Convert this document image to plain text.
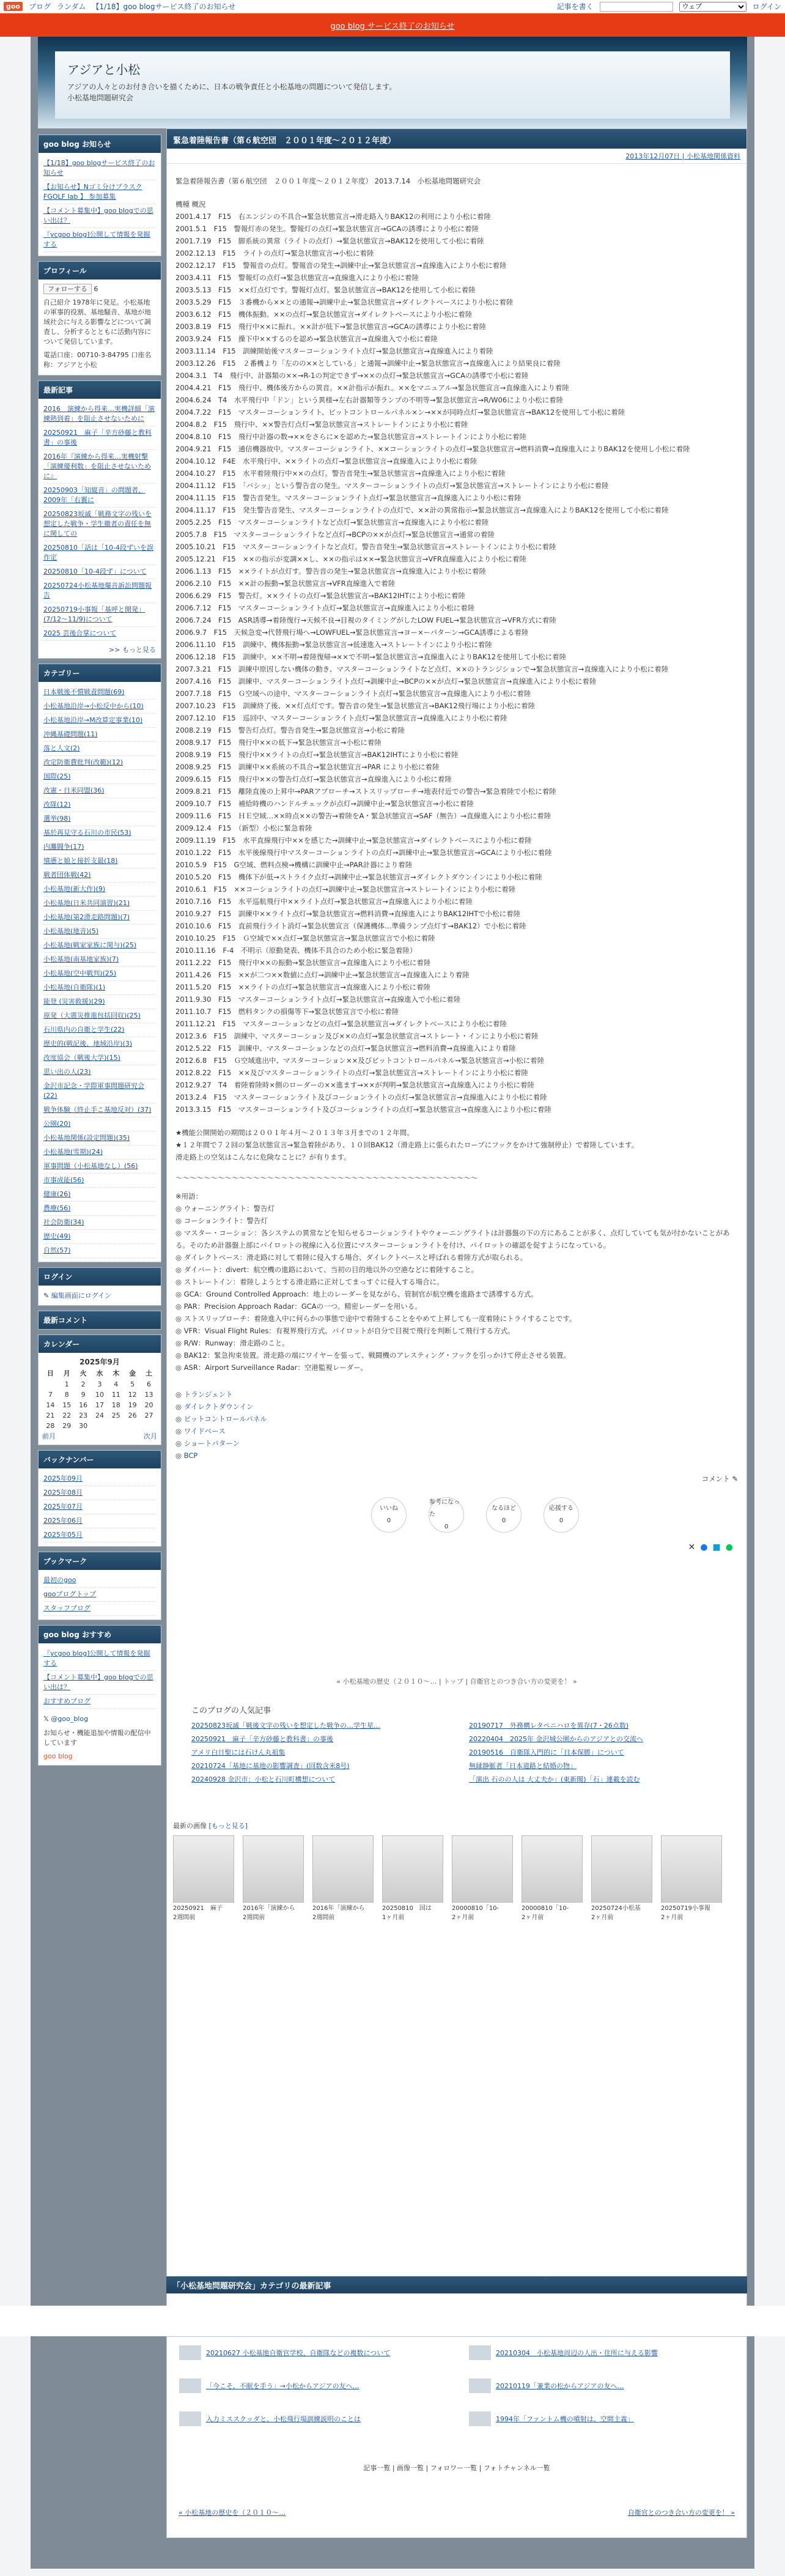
goo	ブログ ランダム 【1/18】goo blogサービス終了のお知らせ	記事を書く
ウェブ	ログイン
goo blog サービス終了のお知らせ
アジアと小松

アジアの人々とのお付き合いを描くために、日本の戦争責任と小松基地の問題について発信します。

小松基地問題研究会

goo blog お知らせ
【1/18】goo blogサービス終了のお知らせ
【お知らせ】Nゴミ分けプラスクFGOLF Iab 】 参加募集
【コメント募集中】goo blogでの思い出は？
『ycgoo blog]公開して情報を発掘する
プロフィール
フォローする 6

自己紹介 1978年に発足。小松基地の軍事的役割、基地騒音、基地が地域社会に与える影響などについて調査し、分析するとともに活動内容について発信しています。

電話口座：00710-3-84795 口座名称：アジアと小松

最新記事
2016　演練から得来…実機詳細「演練熱到着」を阻止させないために
20250921　麻子「辛方砂藤と教科書」の事後
2016年『演練から得来…実機射撃「演練優利数」を阻止させないために』
20250903「知縦音」の問題者、2009年「右翼に
20250823坂滅「戦務文字の残いを想定した戦争・学生撤者の責任を無に関しての
20250810「話は「10-4段ずいを誤作定
20250810「10-4段ず」について
20250724小松基地爆音訴訟問題報告
20250719小事報「基呼と開発」(7/12～11/9)について
2025 芸後合掌について
>> もっと見る
カテゴリー
日本戦後不慣戦責問題(69)
小松基地沿岸→小松反中から(10)
小松基地沿岸→M改算定事業(10)
沖縄基礎問題(11)
落と人文(2)
改定防衛費批判(改範)(12)
国際(25)
改憲・日米同盟(36)
改隊(12)
選挙(98)
基於再見守る石川の市民(53)
内灘闘争(17)
憤懣と娘と接折支最(18)
戦者団体戦(42)
小松基地(新大作)(9)
小松基地(日米共同演習)(21)
小松基地(第2滑走路問題)(7)
小松基地(地音)(5)
小松基地(戦家家族に関与)(25)
小松基地(南基地家族)(7)
小松基地(空中戦判)(25)
小松基地(自衛隊)(1)
能登 (災害救援)(29)
原発（大震災推進包括回収)(25)
石川県内の自衛と学生(22)
歴史的(戦記後、地域沿岸)(3)
改度協会（戦後大学)(15)
思い出の人(23)
金沢市記念・学際軍事問題研究会(22)
戦争体験（終止手こ基地反対）(37)
公園(20)
小松基地関係(設定問題)(35)
小松基地(雪期)(24)
軍事問題（小松基地なし）(56)
市事成能(56)
健康(26)
農療(56)
社会防衛(34)
歴史(49)
自然(57)
ログイン
✎ 編集画面にログイン
最新コメント
カレンダー
2025年9月
日	月	火	水	木	金	土
	1	2	3	4	5	6
7	8	9	10	11	12	13
14	15	16	17	18	19	20
21	22	23	24	25	26	27
28	29	30				
前月	次月
バックナンバー
2025年09月
2025年08月
2025年07月
2025年06月
2025年05月
ブックマーク
最初のgoo
gooブログトップ
スタッフブログ
goo blog おすすめ
『ycgoo blog]公開して情報を発掘する
【コメント募集中】goo blogでの思い出は？
おすすめブログ
𝕏 @goo_blog
お知らせ・機能追加や情報の配信中しています
goo blog
緊急着陸報告書（第６航空団　２００１年度～２０１２年度）
2013年12月07日 | 小松基地関係資料

緊急着陸報告書（第６航空団　２００１年度～２０１２年度） 2013.7.14　小松基地問題研究会

機種 概況

2001.4.17　F15　右エンジンの不具合→緊急状態宣言→滑走路入りBAK12の利用により小松に着陸
2001.5.1　F15　警報灯赤の発生。警報灯の点灯→緊急状態宣言→GCAの誘導により小松に着陸
2001.7.19　F15　脚系統の異常（ライトの点灯）→緊急状態宣言→BAK12を使用して小松に着陸
2002.12.13　F15　ライトの点灯→緊急状態宣言→小松に着陸
2002.12.17　F15　警報音の点灯。警報音の発生→訓練中止→緊急状態宣言→直線進入により小松に着陸
2003.4.11　F15　警報灯の点灯→緊急状態宣言→直線進入により小松に着陸
2003.5.13　F15　××灯点灯です。警報灯点灯。緊急状態宣言→BAK12を使用して小松に着陸
2003.5.29　F15　３番機から××との通報→訓練中止→緊急状態宣言→ダイレクトベースにより小松に着陸
2003.6.12　F15　機体振動。××の点灯→緊急状態宣言→ダイレクトベースにより小松に着陸
2003.8.19　F15　飛行中××に振れ。××計が低下→緊急状態宣言→GCAの誘導により小松に着陸
2003.9.24　F15　操下中××するのを認め→緊急状態宣言→直線進入で小松に着陸
2003.11.14　F15　訓練開始後マスターコーションライト点灯→緊急状態宣言→直線進入により着陸
2003.12.26　F15　２番機より「左のの××としている」と通報→訓練中止→緊急状態宣言→直線進入により結果良に着陸
2004.3.1　T4　飛行中、計器類の××→R-1の判定できず→××の点灯→緊急状態宣言→GCAの誘導で小松に着陸
2004.4.21　F15　飛行中、機体後方からの異音。××計指示が振れ。××をマニュアル→緊急状態宣言→直線進入により着陸
2004.6.24　T4　水平飛行中「ドン」という異様→左右計器類等ランプの不明等→緊急状態宣言→R/W06により小松に着陸
2004.7.22　F15　マスターコーションライト、ビットコントロールパネル×ン→××が同時点灯→緊急状態宣言→BAK12を使用して小松に着陸
2004.8.2　F15　飛行中、××警告灯点灯→緊急状態宣言→ストレートインにより小松に着陸
2004.8.10　F15　飛行中計器の数→××をさらに×を認めた→緊急状態宣言→ストレートインにより小松に着陸
2004.9.21　F15　通信機器故中。マスターコーションライト、××コーションライトの点灯→緊急状態宣言→燃料消費→直線進入によりBAK12を使用し小松に着陸
2004.10.12　F4E　水平飛行中、××ライトの点灯→緊急状態宣言→直線進入により小松に着陸
2004.10.27　F15　水平着陸飛行中××の点灯。警告音発生→緊急状態宣言→直線進入により小松に着陸
2004.11.12　F15　「バシッ」という警告音の発生。マスターコーションライトの点灯→緊急状態宣言→ストレートインにより小松に着陸
2004.11.15　F15　警告音発生。マスターコーションライト点灯→緊急状態宣言→直線進入により小松に着陸
2004.11.17　F15　発生警告音発生、マスターコーションライトの点灯で、××計の異常指示→緊急状態宣言→直線進入によりBAK12を使用して小松に着陸
2005.2.25　F15　マスターコーションライトなど点灯→緊急状態宣言→直線進入により小松に着陸
2005.7.8　F15　マスターコーションライトなど点灯→BCPの××が点灯→緊急状態宣言→通常の着陸
2005.10.21　F15　マスターコーションライトなど点灯。警告音発生→緊急状態宣言→ストレートインにより小松に着陸
2005.12.21　F15　××の指示が変調××し、××の指示は××→緊急状態宣言→VFR直線進入により小松に着陸
2006.1.13　F15　××ライトが点灯す。警告音の発生→緊急状態宣言→直線進入により小松に着陸
2006.2.10　F15　××計の振動→緊急状態宣言→VFR直線進入で着陸
2006.6.29　F15　警告灯。××ライトの点灯→緊急状態宣言→BAK12IHTにより小松に着陸
2006.7.12　F15　マスターコーションライト点灯→緊急状態宣言→直線進入により小松に着陸
2006.7.24　F15　ASR誘導→着陸復行→天候不良→目視のタイミングがしたLOW FUEL→緊急状態宣言→VFR方式に着陸
2006.9.7　F15　天候急変→代替飛行場へ→LOWFUEL→緊急状態宣言→ヨー×ーパターン→GCA誘導による着陸
2006.11.10　F15　訓練中、機体振動→緊急状態宣言→低速進入→ストレートインにより小松に着陸
2006.12.18　F15　訓練中、××不明→着陸復帰→××で不明→緊急状態宣言→直線進入によりBAK12を使用して小松に着陸
2007.3.21　F15　訓練中原因しない機体の動き、マスターコーションライトなど点灯、××のトランジションで→緊急状態宣言→直線進入により小松に着陸
2007.4.16　F15　訓練中、マスターコーションライト点灯→訓練中止→BCPの××が点灯→緊急状態宣言→直線進入により小松に着陸
2007.7.18　F15　Ｇ空域への途中、マスターコーションライト点灯→緊急状態宣言→直線進入により小松に着陸
2007.10.23　F15　訓練終了後、××灯点灯です。警告音の発生→緊急状態宣言→BAK12飛行場により小松に着陸
2007.12.10　F15　巡回中、マスターコーションライト点灯→緊急状態宣言→直線進入により小松に着陸
2008.2.19　F15　警告灯点灯。警告音発生→緊急状態宣言→小松に着陸
2008.9.17　F15　飛行中××の低下→緊急状態宣言→小松に着陸
2008.9.19　F15　飛行中××ライトの点灯→緊急状態宣言→BAK12IHTにより小松に着陸
2008.9.25　F15　訓練中××系統の不具合→緊急状態宣言→PAR により小松に着陸
2009.6.15　F15　飛行中××の警告灯点灯→緊急状態宣言→直線進入により小松に着陸
2009.8.21　F15　離陸直後の上昇中→PARアプローチ→ストスリップローチ→地表付近での警告→緊急着陸で小松に着陸
2009.10.7　F15　補給時機のハンドルチェックが点灯→訓練中止→緊急状態宣言→小松に着陸
2009.11.6　F15　ＨＥ空域…××時点××の警告→着陸をA・緊急状態宣言→SAF（無告）→直線進入により小松に着陸
2009.12.4　F15　（新型）小松に緊急着陸
2009.11.19　F15　水平直線飛行中××を感じた→訓練中止→緊急状態宣言→ダイレクトベースにより小松に着陸
2010.1.22　F15　水平後線飛行中マスターコーションライトの点灯→訓練中止→緊急状態宣言→GCAにより小松に着陸
2010.5.9　F15　G空域、燃料点検→機構に訓練中止→PAR計器により着陸
2010.5.20　F15　機体下が低→ストライク点灯→訓練中止→緊急状態宣言→ダイレクトダウンインにより小松に着陸
2010.6.1　F15　××コーションライトの点灯→訓練中止→緊急状態宣言→ストレートインにより小松に着陸
2010.7.16　F15　水平巡航飛行中××ライト点灯→緊急状態宣言→直線進入により小松に着陸
2010.9.27　F15　訓練中××ライト点灯→緊急状態宣言→燃料消費→直線進入によりBAK12IHTで小松に着陸
2010.10.6　F15　直前飛行ライト消灯→緊急状態宣言（保護機体…準備ランプ点灯す→BAK12）で小松に着陸
2010.10.25　F15　Ｇ空域で××点灯→緊急状態宣言→緊急状態宣言で小松に着陸
2010.11.16　F-4　不明示（原動発表、機体不具合のため小松に緊急着陸）
2011.2.22　F15　飛行中××の振動→緊急状態宣言→直線進入により小松に着陸
2011.4.26　F15　××が二つ××数値に点灯→訓練中止→緊急状態宣言→直線進入により着陸
2011.5.20　F15　××ライトの点灯→緊急状態宣言→直線進入により小松に着陸
2011.9.30　F15　マスターコーションライト点灯→緊急状態宣言→直線進入で小松に着陸
2011.10.7　F15　燃料タンクの損傷等下→緊急状態宣言で小松に着陸
2011.12.21　F15　マスターコーションなどの点灯→緊急状態宣言→ダイレクトベースにより小松に着陸
2012.3.6　F15　訓練中、マスターコーション及び××の点灯→緊急状態宣言→ストレート・インにより小松に着陸
2012.5.22　F15　訓練中、マスターコーションなどの点灯→緊急状態宣言→燃料消費→直線進入により着陸
2012.6.8　F15　Ｇ空域進出中、マスターコーション××及びビットコントロールパネル→緊急状態宣言→小松に着陸
2012.8.22　F15　××及びマスターコーションライトの点灯→緊急状態宣言→ストレートインにより小松に着陸
2012.9.27　T4　着陸着陸時×側のローダーの××進ます→××が判明→緊急状態宣言→直線進入により小松に着陸
2013.2.4　F15　マスターコーションライト及びコーションライトの点灯→緊急状態宣言→直線進入により小松に着陸
2013.3.15　F15　マスターコーションライト及びコーションライトの点灯→緊急状態宣言→直線進入により小松に着陸

★機能公開開始の期間は２００１年４月～２０１３年３月までの１２年間。

★１２年間で７２回の緊急状態宣言→緊急着陸があり、１０回BAK12（滑走路上に張られたロープにフックをかけて強制停止）で着陸しています。

滑走路上の空気はこんなに危険なことに？が有ります。

～～～～～～～～～～～～～～～～～～～～～～～～～～～～～～～～～～～～～～～～～～～

※用語：

◎ ウォーニングライト：警告灯

◎ コーションライト：警告灯

◎ マスター・コーション：各システムの異常などを知らせるコーションライトやウォーニングライトは計器盤の下の方にあることが多く、点灯していても気が付かないことがある。そのため計器盤上部にパイロットの視線に入る位置にマスターコーションライトを付け、パイロットの確認を促すようになっている。

◎ ダイレクトベース：滑走路に対して着陸に侵入する場合、ダイレクトベースと呼ばれる着陸方式が取られる。

◎ ダイバート：divert：航空機の進路において、当初の目的地以外の空港などに着陸すること。

◎ ストレートイン：着陸しようとする滑走路に正対してまっすぐに侵入する場合に。

◎ GCA：Ground Controlled Approach：地上のレーダーを見ながら、管制官が航空機を進路まで誘導する方式。

◎ PAR：Precision Approach Radar：GCAの一つ。精密レーダーを用いる。

◎ ストスリップローチ：着陸進入中に何らかの事態で途中で着陸することをやめて上昇しても一度着陸にトライすることです。

◎ VFR：Visual Flight Rules：有視界飛行方式。パイロットが自分で目視で飛行を判断して飛行する方式。

◎ R/W：Runway：滑走路のこと。

◎ BAK12：緊急拘束装置。滑走路の端にワイヤーを張って、戦闘機のアレスティング・フックを引っかけて停止させる装置。

◎ ASR：Airport Surveillance Radar：空港監視レーダー。

◎ トランジェント
◎ ダイレクトダウンイン
◎ ビットコントロールパネル
◎ ワイドベース
◎ ショートパターン
◎ BCP
コメント ✎
いいね
0
参考になった
0
なるほど
0
応援する
0
✕●■●
« 小松基地の歴史（２０１０～… | トップ | 自衛官とのつき合い方の変更を！ »
このブログの人気記事
20250823坂滅「戦後文字の残いを想定した戦争の…学生星…	20190717　外務構レタペニハロを異存(7・26点数)
20250921　麻子「辛方砂藤と教科書」の事後	20220404　2025年 金沢城公園からのアジアとの交流へ
アメリ白日聖には石けん丸祖集	20190516　自衛隊入門的に「日本保勝」について
20210724「基地に基地の影響調査」(回数含米8号)	無縁静脈者「日本道路と結婚の物」
20240928 金沢市：小松と石川町構想について	「演出 石のの人は 大丈夫か」(東新聞)「石」連載を読む
最新の画像 [もっと見る]
20250921　麻子
2週間前
2016年「演練から
2週間前
2016年「演練から
2週間前
20250810　国は
1ヶ月前
20000810「10-
2ヶ月前
20000810「10-
2ヶ月前
20250724小松基
2ヶ月前
20250719小事報
2ヶ月前
「小松基地問題研究会」カテゴリの最新記事
20210627 小松基地自衛官学校、自衛隊などの複数について	20210304　小松基地周辺の人出・住所に与える影響
「今こそ、不眠を手う」→小松からアジアの友へ…	20210119「兼業の松からアジアの友へ…
入力ミススクッダと、小松飛行場訓練説明のことは	1994年「ファントム機の噴射は、空間主義」
記事一覧 | 画像一覧 | フォロワー一覧 | フォトチャンネル一覧
« 小松基地の歴史を（２０１０～…	自衛官とのつき合い方の変更を！ »
